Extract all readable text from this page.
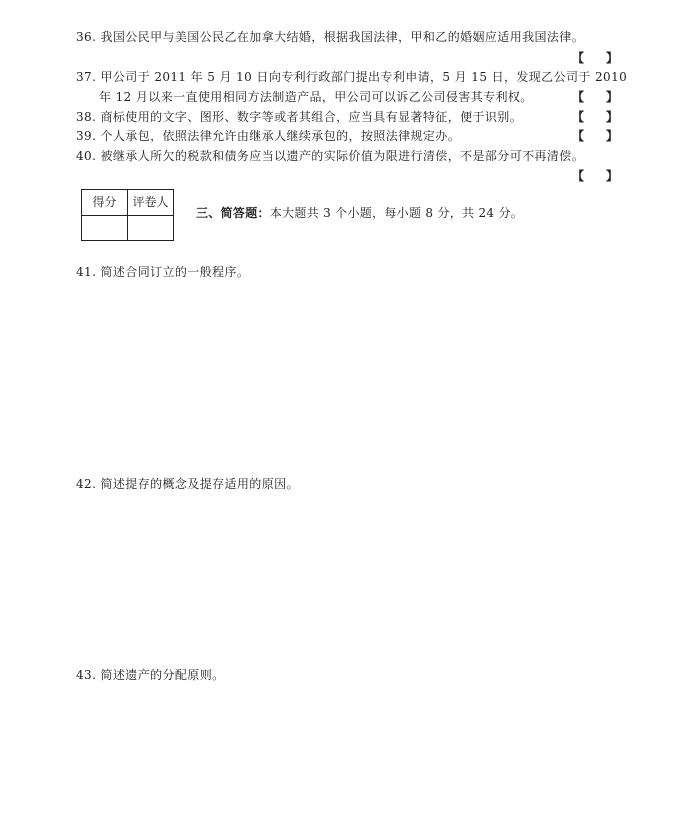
36. 我国公民甲与美国公民乙在加拿大结婚，根据我国法律，甲和乙的婚姻应适用我国法律。
【 】
37. 甲公司于 2011 年 5 月 10 日向专利行政部门提出专利申请，5 月 15 日，发现乙公司于 2010
年 12 月以来一直使用相同方法制造产品，甲公司可以诉乙公司侵害其专利权。	【 】
38. 商标使用的文字、图形、数字等或者其组合，应当具有显著特征，便于识别。	【 】
39. 个人承包，依照法律允许由继承人继续承包的，按照法律规定办。	【 】
40. 被继承人所欠的税款和债务应当以遗产的实际价值为限进行清偿，不是部分可不再清偿。
【 】
得分	评卷人

三、简答题：本大题共 3 个小题，每小题 8 分，共 24 分。
41. 简述合同订立的一般程序。
42. 简述提存的概念及提存适用的原因。
43. 简述遗产的分配原则。
